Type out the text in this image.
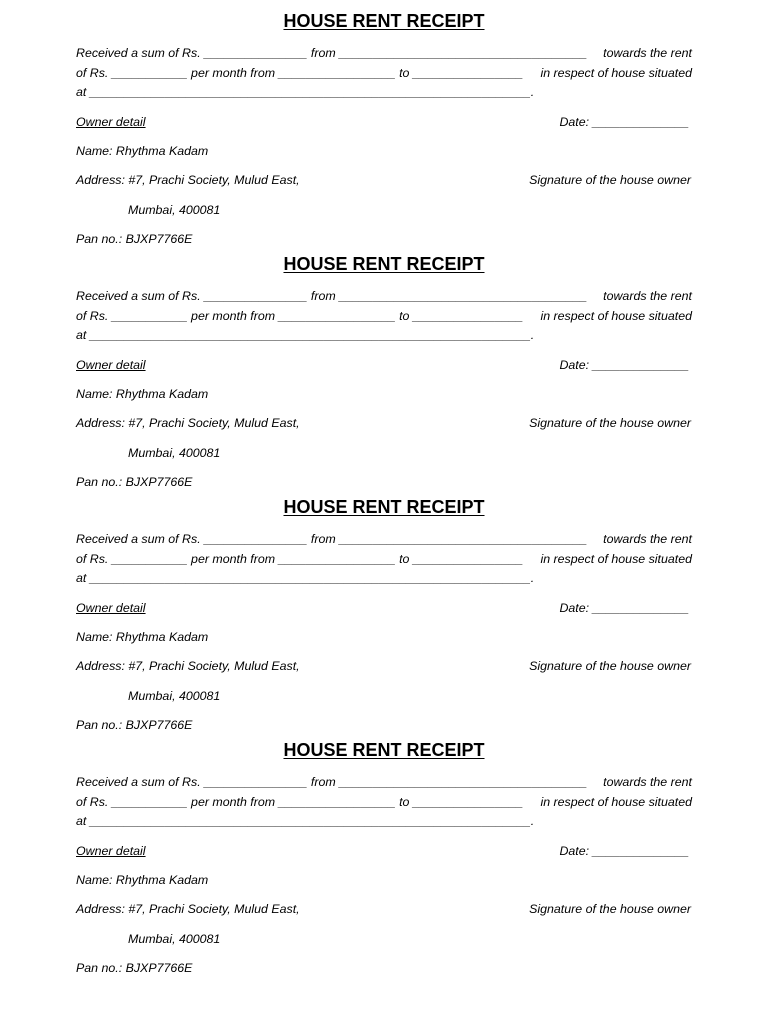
HOUSE RENT RECEIPT
Received a sum of Rs. _______________ from ____________________________________ towards the rent
of Rs. ___________ per month from _________________ to ________________ in respect of house situated
at ________________________________________________________________.
Owner detail	Date: ______________
Name: Rhythma Kadam
Address: #7, Prachi Society, Mulud East,	Signature of the house owner
Mumbai, 400081
Pan no.: BJXP7766E
HOUSE RENT RECEIPT
Received a sum of Rs. _______________ from ____________________________________ towards the rent
of Rs. ___________ per month from _________________ to ________________ in respect of house situated
at ________________________________________________________________.
Owner detail	Date: ______________
Name: Rhythma Kadam
Address: #7, Prachi Society, Mulud East,	Signature of the house owner
Mumbai, 400081
Pan no.: BJXP7766E
HOUSE RENT RECEIPT
Received a sum of Rs. _______________ from ____________________________________ towards the rent
of Rs. ___________ per month from _________________ to ________________ in respect of house situated
at ________________________________________________________________.
Owner detail	Date: ______________
Name: Rhythma Kadam
Address: #7, Prachi Society, Mulud East,	Signature of the house owner
Mumbai, 400081
Pan no.: BJXP7766E
HOUSE RENT RECEIPT
Received a sum of Rs. _______________ from ____________________________________ towards the rent
of Rs. ___________ per month from _________________ to ________________ in respect of house situated
at ________________________________________________________________.
Owner detail	Date: ______________
Name: Rhythma Kadam
Address: #7, Prachi Society, Mulud East,	Signature of the house owner
Mumbai, 400081
Pan no.: BJXP7766E
